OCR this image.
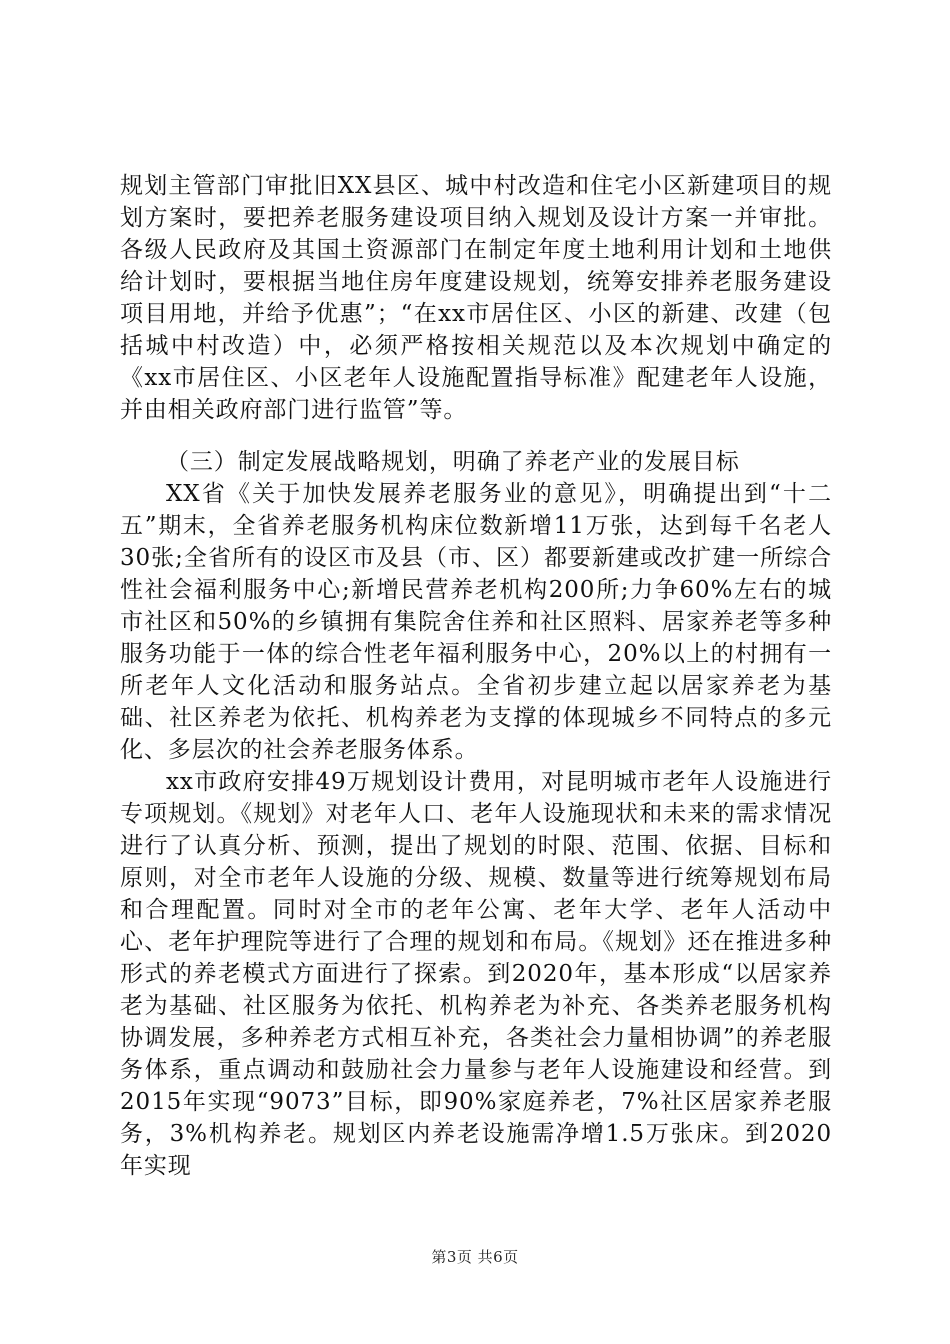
规划主管部门审批旧XX县区、城中村改造和住宅小区新建项目的规划方案时，要把养老服务建设项目纳入规划及设计方案一并审批。各级人民政府及其国土资源部门在制定年度土地利用计划和土地供给计划时，要根据当地住房年度建设规划，统筹安排养老服务建设项目用地，并给予优惠”；“在xx市居住区、小区的新建、改建（包括城中村改造）中，必须严格按相关规范以及本次规划中确定的《xx市居住区、小区老年人设施配置指导标准》配建老年人设施，并由相关政府部门进行监管”等。

（三）制定发展战略规划，明确了养老产业的发展目标

XX省《关于加快发展养老服务业的意见》，明确提出到“十二五”期末，全省养老服务机构床位数新增11万张，达到每千名老人30张;全省所有的设区市及县（市、区）都要新建或改扩建一所综合性社会福利服务中心;新增民营养老机构200所;力争60%左右的城市社区和50%的乡镇拥有集院舍住养和社区照料、居家养老等多种服务功能于一体的综合性老年福利服务中心，20%以上的村拥有一所老年人文化活动和服务站点。全省初步建立起以居家养老为基础、社区养老为依托、机构养老为支撑的体现城乡不同特点的多元化、多层次的社会养老服务体系。

xx市政府安排49万规划设计费用，对昆明城市老年人设施进行专项规划。《规划》对老年人口、老年人设施现状和未来的需求情况进行了认真分析、预测，提出了规划的时限、范围、依据、目标和原则，对全市老年人设施的分级、规模、数量等进行统筹规划布局和合理配置。同时对全市的老年公寓、老年大学、老年人活动中心、老年护理院等进行了合理的规划和布局。《规划》还在推进多种形式的养老模式方面进行了探索。到2020年，基本形成“以居家养老为基础、社区服务为依托、机构养老为补充、各类养老服务机构协调发展，多种养老方式相互补充，各类社会力量相协调”的养老服务体系，重点调动和鼓励社会力量参与老年人设施建设和经营。到2015年实现“9073”目标，即90%家庭养老，7%社区居家养老服务，3%机构养老。规划区内养老设施需净增1.5万张床。到2020年实现

第3页 共6页
